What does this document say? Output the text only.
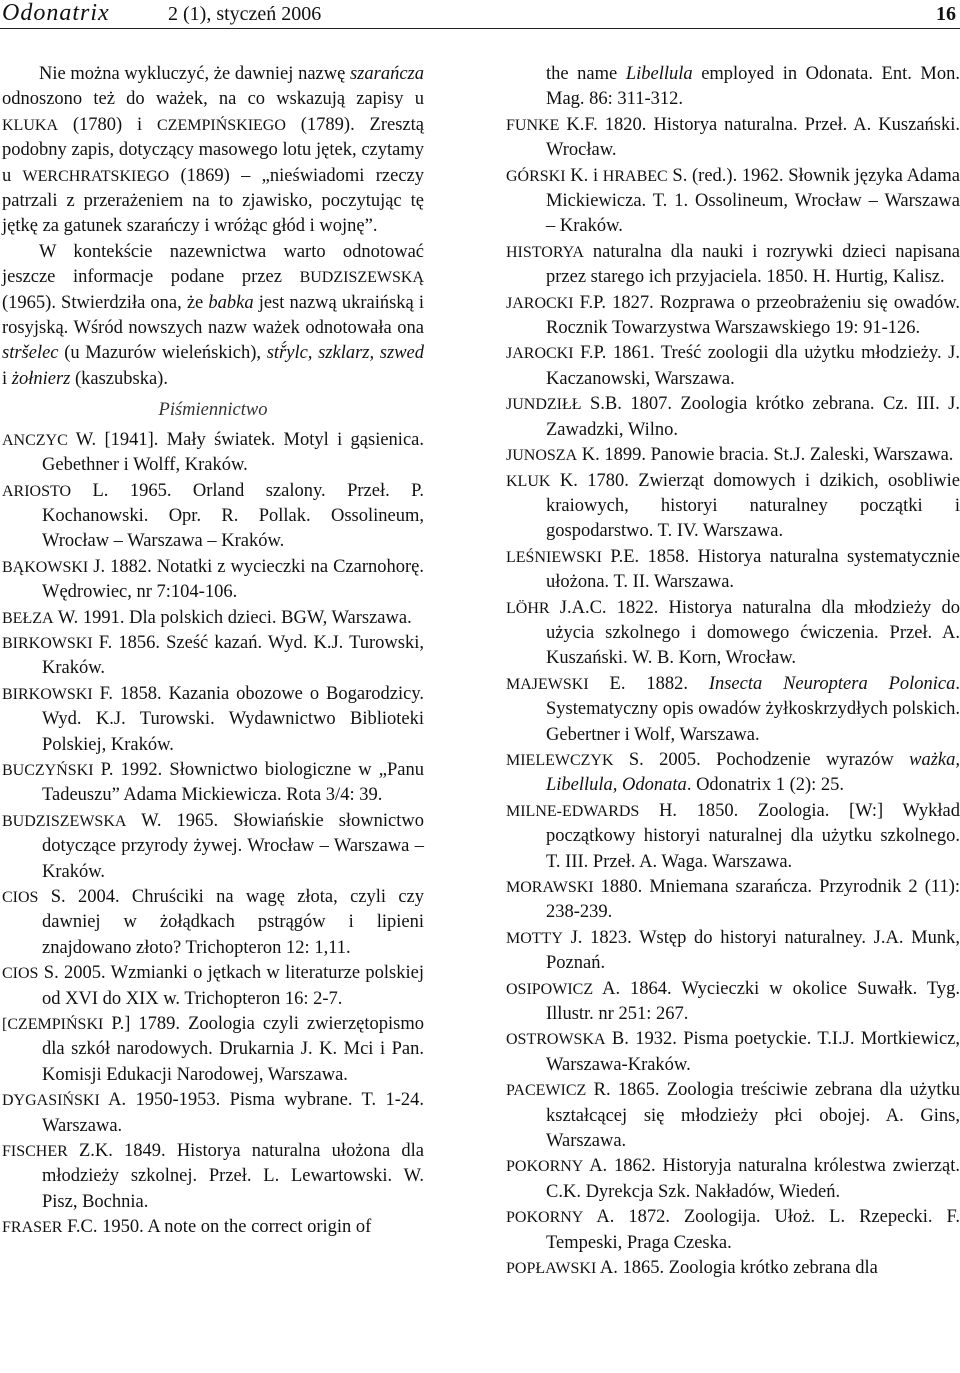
Odonatrix	2 (1), styczeń 2006	16

Nie można wykluczyć, że dawniej nazwę szarańcza odnoszono też do ważek, na co wskazują zapisy u KLUKA (1780) i CZEMPIŃSKIEGO (1789). Zresztą podobny zapis, dotyczący masowego lotu jętek, czytamy u WERCHRATSKIEGO (1869) – „nieświadomi rzeczy patrzali z przerażeniem na to zjawisko, poczytując tę jętkę za gatunek szarańczy i wróżąc głód i wojnę”.

W kontekście nazewnictwa warto odnotować jeszcze informacje podane przez BUDZISZEWSKĄ (1965). Stwierdziła ona, że babka jest nazwą ukraińską i rosyjską. Wśród nowszych nazw ważek odnotowała ona stršelec (u Mazurów wieleńskich), stř́ylc, szklarz, szwed i żołnierz (kaszubska).

Piśmiennictwo

ANCZYC W. [1941]. Mały światek. Motyl i gąsienica. Gebethner i Wolff, Kraków.

ARIOSTO L. 1965. Orland szalony. Przeł. P. Kochanowski. Opr. R. Pollak. Ossolineum, Wrocław – Warszawa – Kraków.

BĄKOWSKI J. 1882. Notatki z wycieczki na Czarnohorę. Wędrowiec, nr 7:104-106.

BEŁZA W. 1991. Dla polskich dzieci. BGW, Warszawa.

BIRKOWSKI F. 1856. Sześć kazań. Wyd. K.J. Turowski, Kraków.

BIRKOWSKI F. 1858. Kazania obozowe o Bogarodzicy. Wyd. K.J. Turowski. Wydawnictwo Biblioteki Polskiej, Kraków.

BUCZYŃSKI P. 1992. Słownictwo biologiczne w „Panu Tadeuszu” Adama Mickiewicza. Rota 3/4: 39.

BUDZISZEWSKA W. 1965. Słowiańskie słownictwo dotyczące przyrody żywej. Wrocław – Warszawa – Kraków.

CIOS S. 2004. Chruściki na wagę złota, czyli czy dawniej w żołądkach pstrągów i lipieni znajdowano złoto? Trichopteron 12: 1,11.

CIOS S. 2005. Wzmianki o jętkach w literaturze polskiej od XVI do XIX w. Trichopteron 16: 2-7.

[CZEMPIŃSKI P.] 1789. Zoologia czyli zwierzętopismo dla szkół narodowych. Drukarnia J. K. Mci i Pan. Komisji Edukacji Narodowej, Warszawa.

DYGASIŃSKI A. 1950-1953. Pisma wybrane. T. 1-24. Warszawa.

FISCHER Z.K. 1849. Historya naturalna ułożona dla młodzieży szkolnej. Przeł. L. Lewartowski. W. Pisz, Bochnia.

FRASER F.C. 1950. A note on the correct origin of

the name Libellula employed in Odonata. Ent. Mon. Mag. 86: 311-312.

FUNKE K.F. 1820. Historya naturalna. Przeł. A. Kuszański. Wrocław.

GÓRSKI K. i HRABEC S. (red.). 1962. Słownik języka Adama Mickiewicza. T. 1. Ossolineum, Wrocław – Warszawa – Kraków.

HISTORYA naturalna dla nauki i rozrywki dzieci napisana przez starego ich przyjaciela. 1850. H. Hurtig, Kalisz.

JAROCKI F.P. 1827. Rozprawa o przeobrażeniu się owadów. Rocznik Towarzystwa Warszawskiego 19: 91-126.

JAROCKI F.P. 1861. Treść zoologii dla użytku młodzieży. J. Kaczanowski, Warszawa.

JUNDZIŁŁ S.B. 1807. Zoologia krótko zebrana. Cz. III. J. Zawadzki, Wilno.

JUNOSZA K. 1899. Panowie bracia. St.J. Zaleski, Warszawa.

KLUK K. 1780. Zwierząt domowych i dzikich, osobliwie kraiowych, historyi naturalney początki i gospodarstwo. T. IV. Warszawa.

LEŚNIEWSKI P.E. 1858. Historya naturalna systematycznie ułożona. T. II. Warszawa.

LÖHR J.A.C. 1822. Historya naturalna dla młodzieży do użycia szkolnego i domowego ćwiczenia. Przeł. A. Kuszański. W. B. Korn, Wrocław.

MAJEWSKI E. 1882. Insecta Neuroptera Polonica. Systematyczny opis owadów żyłkoskrzydłych polskich. Gebertner i Wolf, Warszawa.

MIELEWCZYK S. 2005. Pochodzenie wyrazów ważka, Libellula, Odonata. Odonatrix 1 (2): 25.

MILNE-EDWARDS H. 1850. Zoologia. [W:] Wykład początkowy historyi naturalnej dla użytku szkolnego. T. III. Przeł. A. Waga. Warszawa.

MORAWSKI 1880. Mniemana szarańcza. Przyrodnik 2 (11): 238-239.

MOTTY J. 1823. Wstęp do historyi naturalney. J.A. Munk, Poznań.

OSIPOWICZ A. 1864. Wycieczki w okolice Suwałk. Tyg. Illustr. nr 251: 267.

OSTROWSKA B. 1932. Pisma poetyckie. T.I.J. Mortkiewicz, Warszawa-Kraków.

PACEWICZ R. 1865. Zoologia treściwie zebrana dla użytku kształcącej się młodzieży płci obojej. A. Gins, Warszawa.

POKORNY A. 1862. Historyja naturalna królestwa zwierząt. C.K. Dyrekcja Szk. Nakładów, Wiedeń.

POKORNY A. 1872. Zoologija. Ułoż. L. Rzepecki. F. Tempeski, Praga Czeska.

POPŁAWSKI A. 1865. Zoologia krótko zebrana dla
